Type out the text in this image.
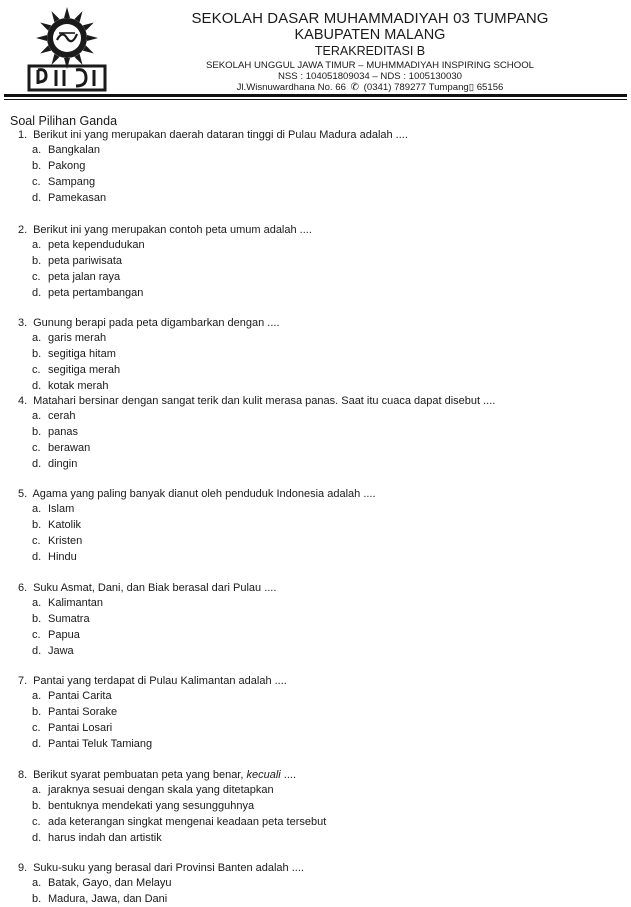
SEKOLAH DASAR MUHAMMADIYAH 03 TUMPANG
KABUPATEN MALANG
TERAKREDITASI B
SEKOLAH UNGGUL JAWA TIMUR – MUHMMADIYAH INSPIRING SCHOOL
NSS : 104051809034 – NDS : 1005130030
Jl.Wisnuwardhana No. 66 ✆ (0341) 789277 Tumpang▯ 65156
Soal Pilihan Ganda
1. Berikut ini yang merupakan daerah dataran tinggi di Pulau Madura adalah ....
a. Bangkalan
b. Pakong
c. Sampang
d. Pamekasan
2. Berikut ini yang merupakan contoh peta umum adalah ....
a. peta kependudukan
b. peta pariwisata
c. peta jalan raya
d. peta pertambangan
3. Gunung berapi pada peta digambarkan dengan ....
a. garis merah
b. segitiga hitam
c. segitiga merah
d. kotak merah
4. Matahari bersinar dengan sangat terik dan kulit merasa panas. Saat itu cuaca dapat disebut ....
a. cerah
b. panas
c. berawan
d. dingin
5. Agama yang paling banyak dianut oleh penduduk Indonesia adalah ....
a. Islam
b. Katolik
c. Kristen
d. Hindu
6. Suku Asmat, Dani, dan Biak berasal dari Pulau ....
a. Kalimantan
b. Sumatra
c. Papua
d. Jawa
7. Pantai yang terdapat di Pulau Kalimantan adalah ....
a. Pantai Carita
b. Pantai Sorake
c. Pantai Losari
d. Pantai Teluk Tamiang
8. Berikut syarat pembuatan peta yang benar, kecuali ....
a. jaraknya sesuai dengan skala yang ditetapkan
b. bentuknya mendekati yang sesungguhnya
c. ada keterangan singkat mengenai keadaan peta tersebut
d. harus indah dan artistik
9. Suku-suku yang berasal dari Provinsi Banten adalah ....
a. Batak, Gayo, dan Melayu
b. Madura, Jawa, dan Dani
